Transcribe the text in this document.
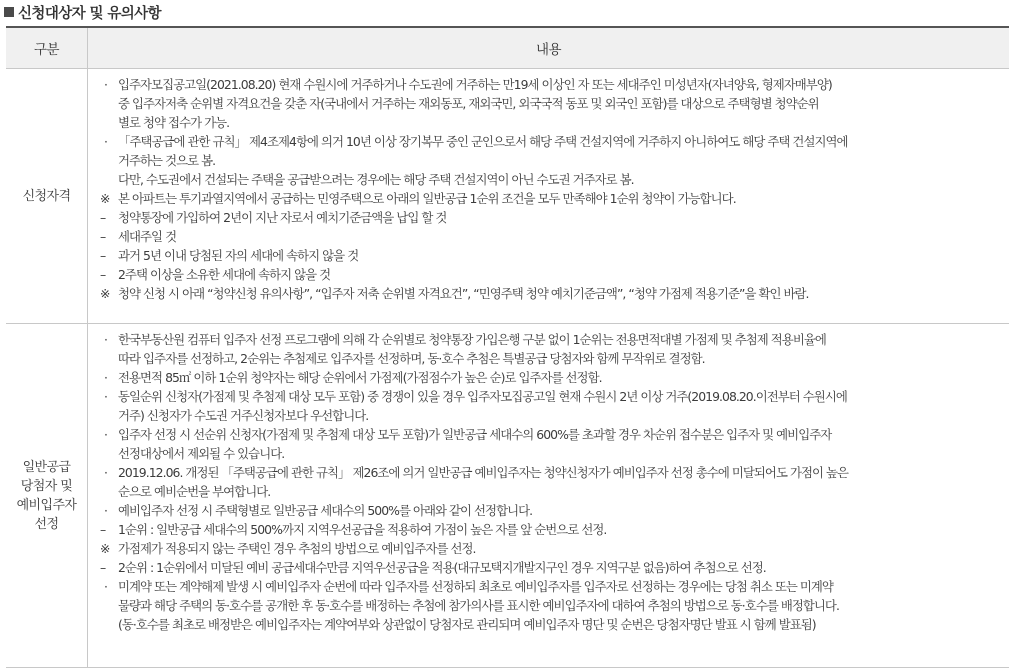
신청대상자 및 유의사항
구분	내용
신청자격
· 입주자모집공고일(2021.08.20) 현재 수원시에 거주하거나 수도권에 거주하는 만19세 이상인 자 또는 세대주인 미성년자(자녀양육, 형제자매부양)
중 입주자저축 순위별 자격요건을 갖춘 자(국내에서 거주하는 재외동포, 재외국민, 외국국적 동포 및 외국인 포함)를 대상으로 주택형별 청약순위
별로 청약 접수가 가능.
· 「주택공급에 관한 규칙」 제4조제4항에 의거 10년 이상 장기복무 중인 군인으로서 해당 주택 건설지역에 거주하지 아니하여도 해당 주택 건설지역에
거주하는 것으로 봄.
다만, 수도권에서 건설되는 주택을 공급받으려는 경우에는 해당 주택 건설지역이 아닌 수도권 거주자로 봄.
※ 본 아파트는 투기과열지역에서 공급하는 민영주택으로 아래의 일반공급 1순위 조건을 모두 만족해야 1순위 청약이 가능합니다.
–	청약통장에 가입하여 2년이 지난 자로서 예치기준금액을 납입 할 것
–	세대주일 것
–	과거 5년 이내 당첨된 자의 세대에 속하지 않을 것
–	2주택 이상을 소유한 세대에 속하지 않을 것
※ 청약 신청 시 아래 “청약신청 유의사항”, “입주자 저축 순위별 자격요건”, “민영주택 청약 예치기준금액”, “청약 가점제 적용기준”을 확인 바람.
일반공급
당첨자 및
예비입주자
선정
· 한국부동산원 컴퓨터 입주자 선정 프로그램에 의해 각 순위별로 청약통장 가입은행 구분 없이 1순위는 전용면적대별 가점제 및 추첨제 적용비율에
따라 입주자를 선정하고, 2순위는 추첨제로 입주자를 선정하며, 동·호수 추첨은 특별공급 당첨자와 함께 무작위로 결정함.
· 전용면적 85㎡ 이하 1순위 청약자는 해당 순위에서 가점제(가점점수가 높은 순)로 입주자를 선정함.
· 동일순위 신청자(가점제 및 추첨제 대상 모두 포함) 중 경쟁이 있을 경우 입주자모집공고일 현재 수원시 2년 이상 거주(2019.08.20.이전부터 수원시에
거주) 신청자가 수도권 거주신청자보다 우선합니다.
· 입주자 선정 시 선순위 신청자(가점제 및 추첨제 대상 모두 포함)가 일반공급 세대수의 600%를 초과할 경우 차순위 접수분은 입주자 및 예비입주자
선정대상에서 제외될 수 있습니다.
· 2019.12.06. 개정된 「주택공급에 관한 규칙」 제26조에 의거 일반공급 예비입주자는 청약신청자가 예비입주자 선정 총수에 미달되어도 가점이 높은
순으로 예비순번을 부여합니다.
· 예비입주자 선정 시 주택형별로 일반공급 세대수의 500%를 아래와 같이 선정합니다.
–	1순위 : 일반공급 세대수의 500%까지 지역우선공급을 적용하여 가점이 높은 자를 앞 순번으로 선정.
※ 가점제가 적용되지 않는 주택인 경우 추첨의 방법으로 예비입주자를 선정.
–	2순위 : 1순위에서 미달된 예비 공급세대수만큼 지역우선공급을 적용(대규모택지개발지구인 경우 지역구분 없음)하여 추첨으로 선정.
· 미계약 또는 계약해제 발생 시 예비입주자 순번에 따라 입주자를 선정하되 최초로 예비입주자를 입주자로 선정하는 경우에는 당첨 취소 또는 미계약
물량과 해당 주택의 동·호수를 공개한 후 동·호수를 배정하는 추첨에 참가의사를 표시한 예비입주자에 대하여 추첨의 방법으로 동·호수를 배정합니다.
(동·호수를 최초로 배정받은 예비입주자는 계약여부와 상관없이 당첨자로 관리되며 예비입주자 명단 및 순번은 당첨자명단 발표 시 함께 발표됨)
